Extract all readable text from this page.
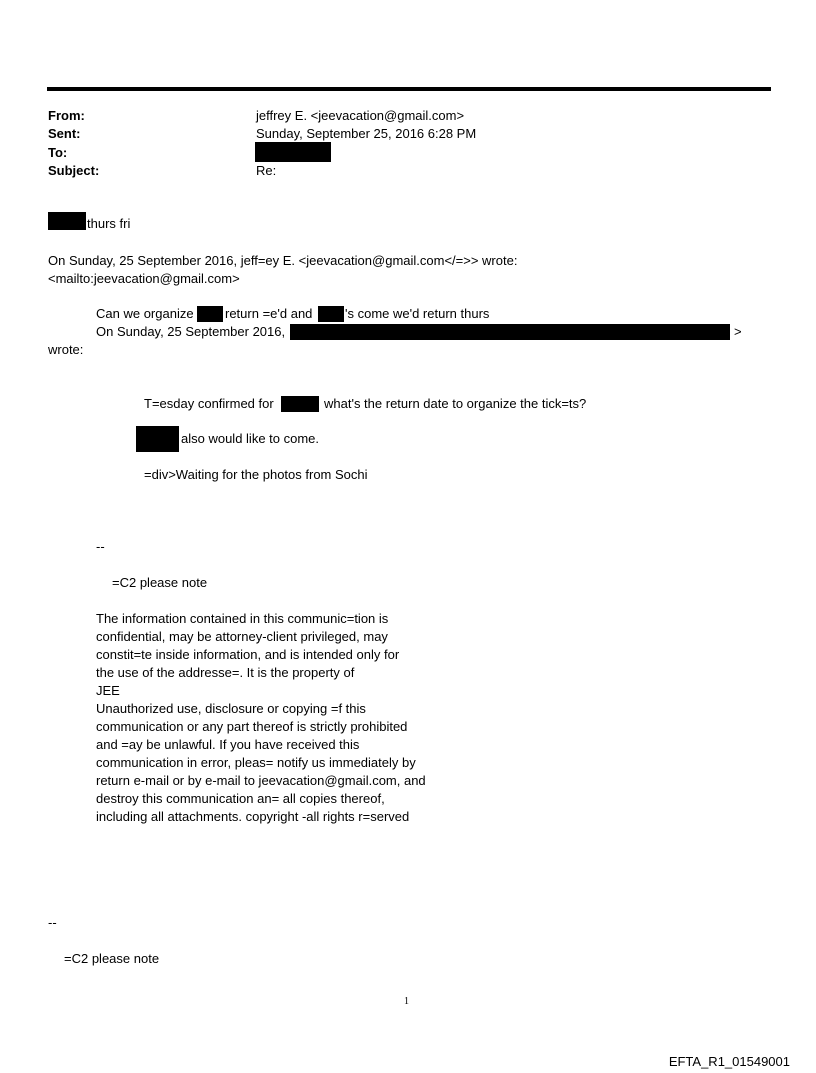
From:	jeffrey E. <jeevacation@gmail.com>
Sent:	Sunday, September 25, 2016 6:28 PM
To:
Subject:	Re:
thurs fri
On Sunday, 25 September 2016, jeff=ey E. <jeevacation@gmail.com</=>> wrote:
<mailto:jeevacation@gmail.com>
Can we organize return =e'd and	's come we'd return thurs
On Sunday, 25 September 2016,	>
wrote:
T=esday confirmed for	what's the return date to organize the tick=ts?
also would like to come.
=div>Waiting for the photos from Sochi
--
=C2 please note
The information contained in this communic=tion is
confidential, may be attorney-client privileged, may
constit=te inside information, and is intended only for
the use of the addresse=. It is the property of
JEE
Unauthorized use, disclosure or copying =f this
communication or any part thereof is strictly prohibited
and =ay be unlawful. If you have received this
communication in error, pleas= notify us immediately by
return e-mail or by e-mail to jeevacation@gmail.com, and
destroy this communication an= all copies thereof,
including all attachments. copyright -all rights r=served
--
=C2 please note
1
EFTA_R1_01549001
